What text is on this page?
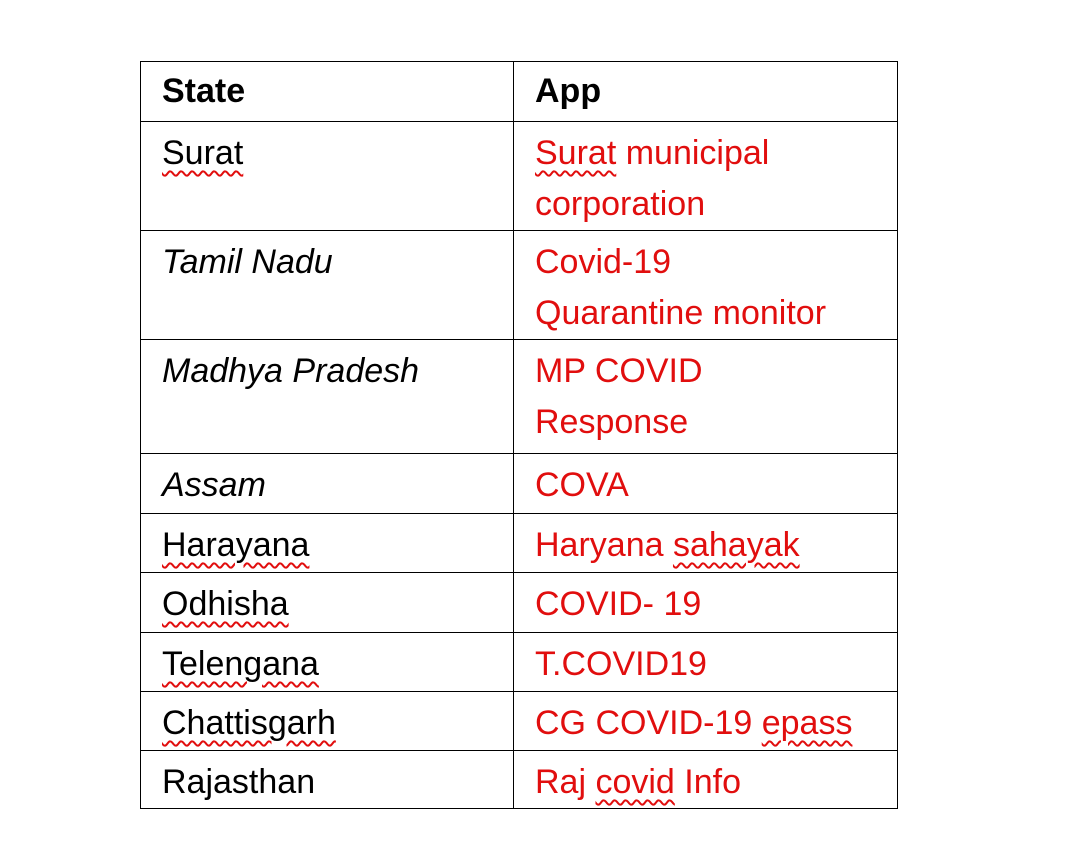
State	App
Surat	Surat municipal
corporation
Tamil Nadu	Covid-19
Quarantine monitor
Madhya Pradesh	MP COVID
Response
Assam	COVA
Harayana	Haryana sahayak
Odhisha	COVID- 19
Telengana	T.COVID19
Chattisgarh	CG COVID-19 epass
Rajasthan	Raj covid Info
